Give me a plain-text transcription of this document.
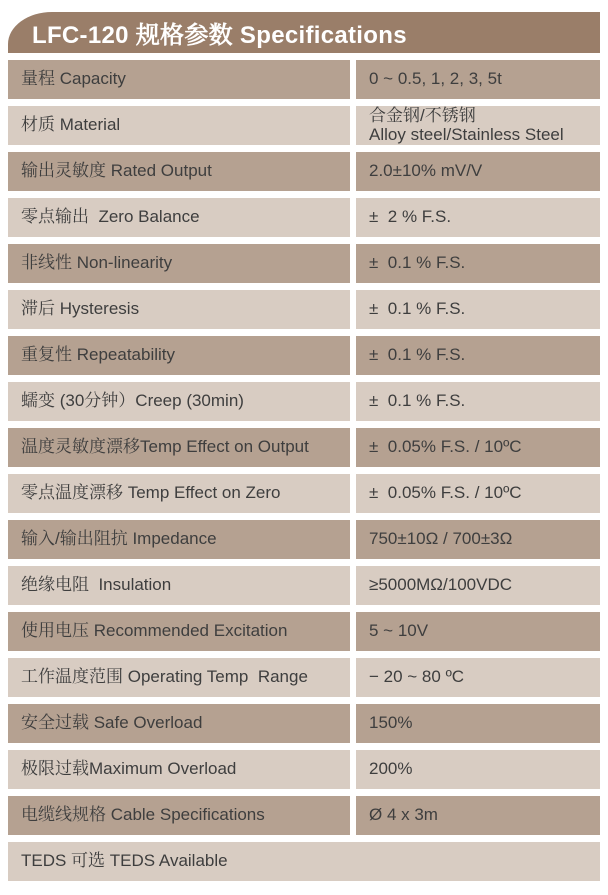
LFC-120 规格参数 Specifications
量程 Capacity	0 ~ 0.5, 1, 2, 3, 5t
材质 Material	合金钢/不锈钢
Alloy steel/Stainless Steel
输出灵敏度 Rated Output	2.0±10% mV/V
零点输出  Zero Balance	±  2 % F.S.
非线性 Non-linearity	±  0.1 % F.S.
滞后 Hysteresis	±  0.1 % F.S.
重复性 Repeatability	±  0.1 % F.S.
蠕变 (30分钟）Creep (30min)	±  0.1 % F.S.
温度灵敏度漂移Temp Effect on Output	±  0.05% F.S. / 10ºC
零点温度漂移 Temp Effect on Zero	±  0.05% F.S. / 10ºC
输入/输出阻抗 Impedance	750±10Ω / 700±3Ω
绝缘电阻  Insulation	≥5000MΩ/100VDC
使用电压 Recommended Excitation	5 ~ 10V
工作温度范围 Operating Temp  Range	− 20 ~ 80 ºC
安全过载 Safe Overload	150%
极限过载Maximum Overload	200%
电缆线规格 Cable Specifications	Ø 4 x 3m
TEDS 可选 TEDS Available
